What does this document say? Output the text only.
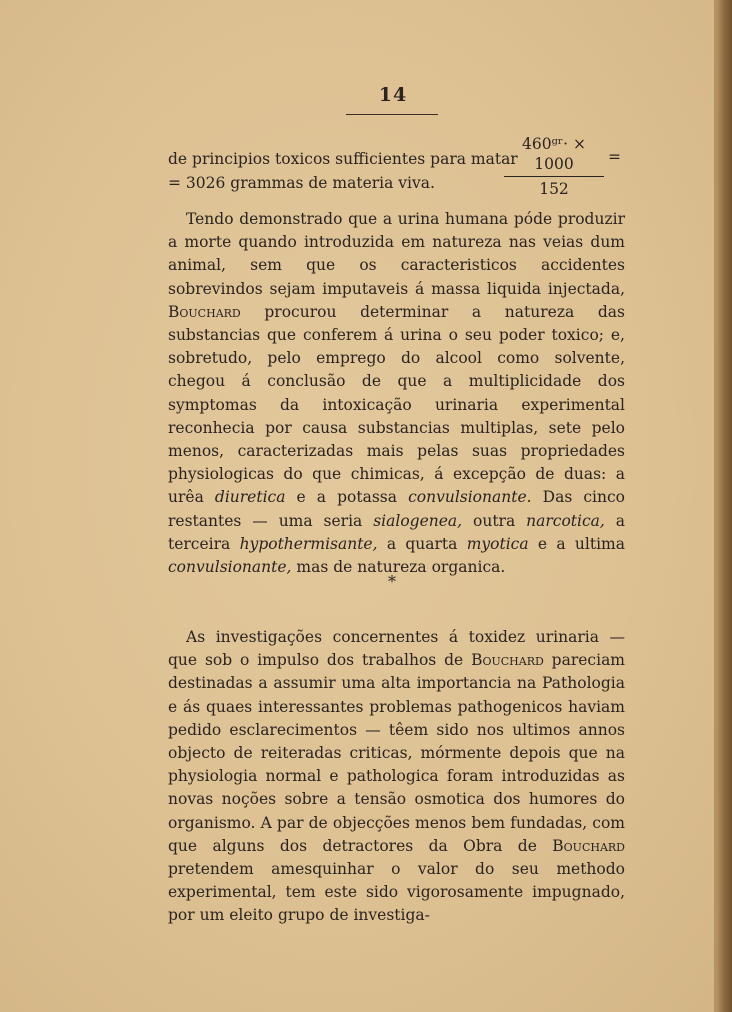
14
de principios toxicos sufficientes para matar
460ᵍʳ· × 1000
152
=
= 3026 grammas de materia viva.

Tendo demonstrado que a urina humana póde produzir a morte quando introduzida em natureza nas veias dum animal, sem que os caracteristicos accidentes sobrevindos sejam imputaveis á massa liquida injectada, Bouchard procurou determinar a natureza das substancias que conferem á urina o seu poder toxico; e, sobretudo, pelo emprego do alcool como solvente, chegou á conclusão de que a multiplicidade dos symptomas da intoxicação urinaria experimental reconhecia por causa substancias multiplas, sete pelo menos, caracterizadas mais pelas suas propriedades physiologicas do que chimicas, á excepção de duas: a urêa diuretica e a potassa convulsionante. Das cinco restantes — uma seria sialogenea, outra narcotica, a terceira hypothermisante, a quarta myotica e a ultima convulsionante, mas de natureza organica.

*

As investigações concernentes á toxidez urinaria — que sob o impulso dos trabalhos de Bouchard pareciam destinadas a assumir uma alta importancia na Pathologia e ás quaes interessantes problemas pathogenicos haviam pedido esclarecimentos — têem sido nos ultimos annos objecto de reiteradas criticas, mórmente depois que na physiologia normal e pathologica foram introduzidas as novas noções sobre a tensão osmotica dos humores do organismo. A par de objecções menos bem fundadas, com que alguns dos detractores da Obra de Bouchard pretendem amesquinhar o valor do seu methodo experimental, tem este sido vigorosamente impugnado, por um eleito grupo de investiga-
